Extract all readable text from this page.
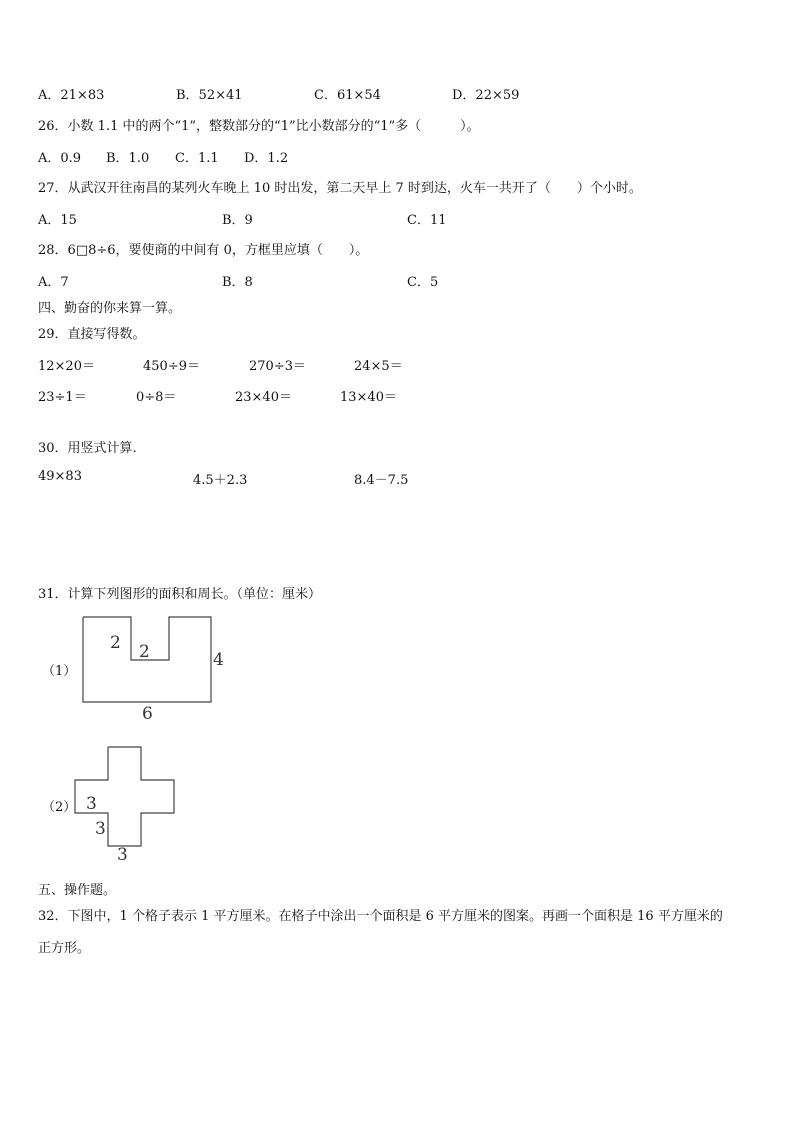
A．21×83	B．52×41	C．61×54	D．22×59
26．小数 1.1 中的两个“1”，整数部分的“1”比小数部分的“1”多（　　　）。
A．0.9 B．1.0 C．1.1 D．1.2
27．从武汉开往南昌的某列火车晚上 10 时出发，第二天早上 7 时到达，火车一共开了（　　）个小时。
A．15	B．9	C．11
28．6□8÷6，要使商的中间有 0，方框里应填（　　）。
A．7	B．8	C．5
四、勤奋的你来算一算。
29．直接写得数。
12×20＝	450÷9＝	270÷3＝	24×5＝
23÷1＝	0÷8＝	23×40＝	13×40＝
30．用竖式计算.
49×83	4.5＋2.3	8.4－7.5
31．计算下列图形的面积和周长。（单位：厘米）
（1）
2 2	4
6
（2） 3
3
3
五、操作题。
32．下图中，1 个格子表示 1 平方厘米。在格子中涂出一个面积是 6 平方厘米的图案。再画一个面积是 16 平方厘米的
正方形。
